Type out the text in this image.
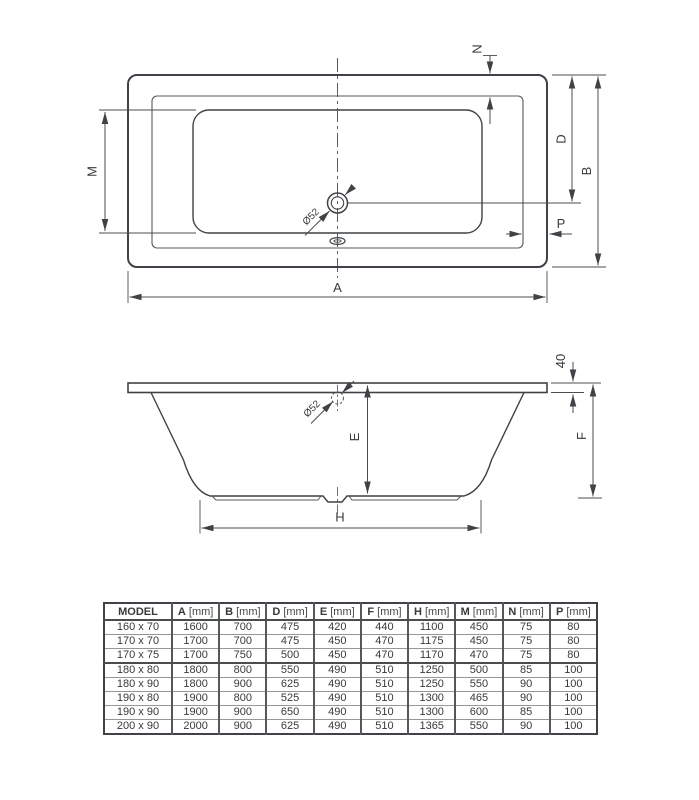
M
A
N
D
B
P
Ø52
Ø52
40
E	F
H
MODEL	A [mm]	B [mm]	D [mm]	E [mm]	F [mm]	H [mm]	M [mm]	N [mm]	P [mm]
160 x 70	1600	700	475	420	440	1100	450	75	80
170 x 70	1700	700	475	450	470	1175	450	75	80
170 x 75	1700	750	500	450	470	1170	470	75	80
180 x 80	1800	800	550	490	510	1250	500	85	100
180 x 90	1800	900	625	490	510	1250	550	90	100
190 x 80	1900	800	525	490	510	1300	465	90	100
190 x 90	1900	900	650	490	510	1300	600	85	100
200 x 90	2000	900	625	490	510	1365	550	90	100
